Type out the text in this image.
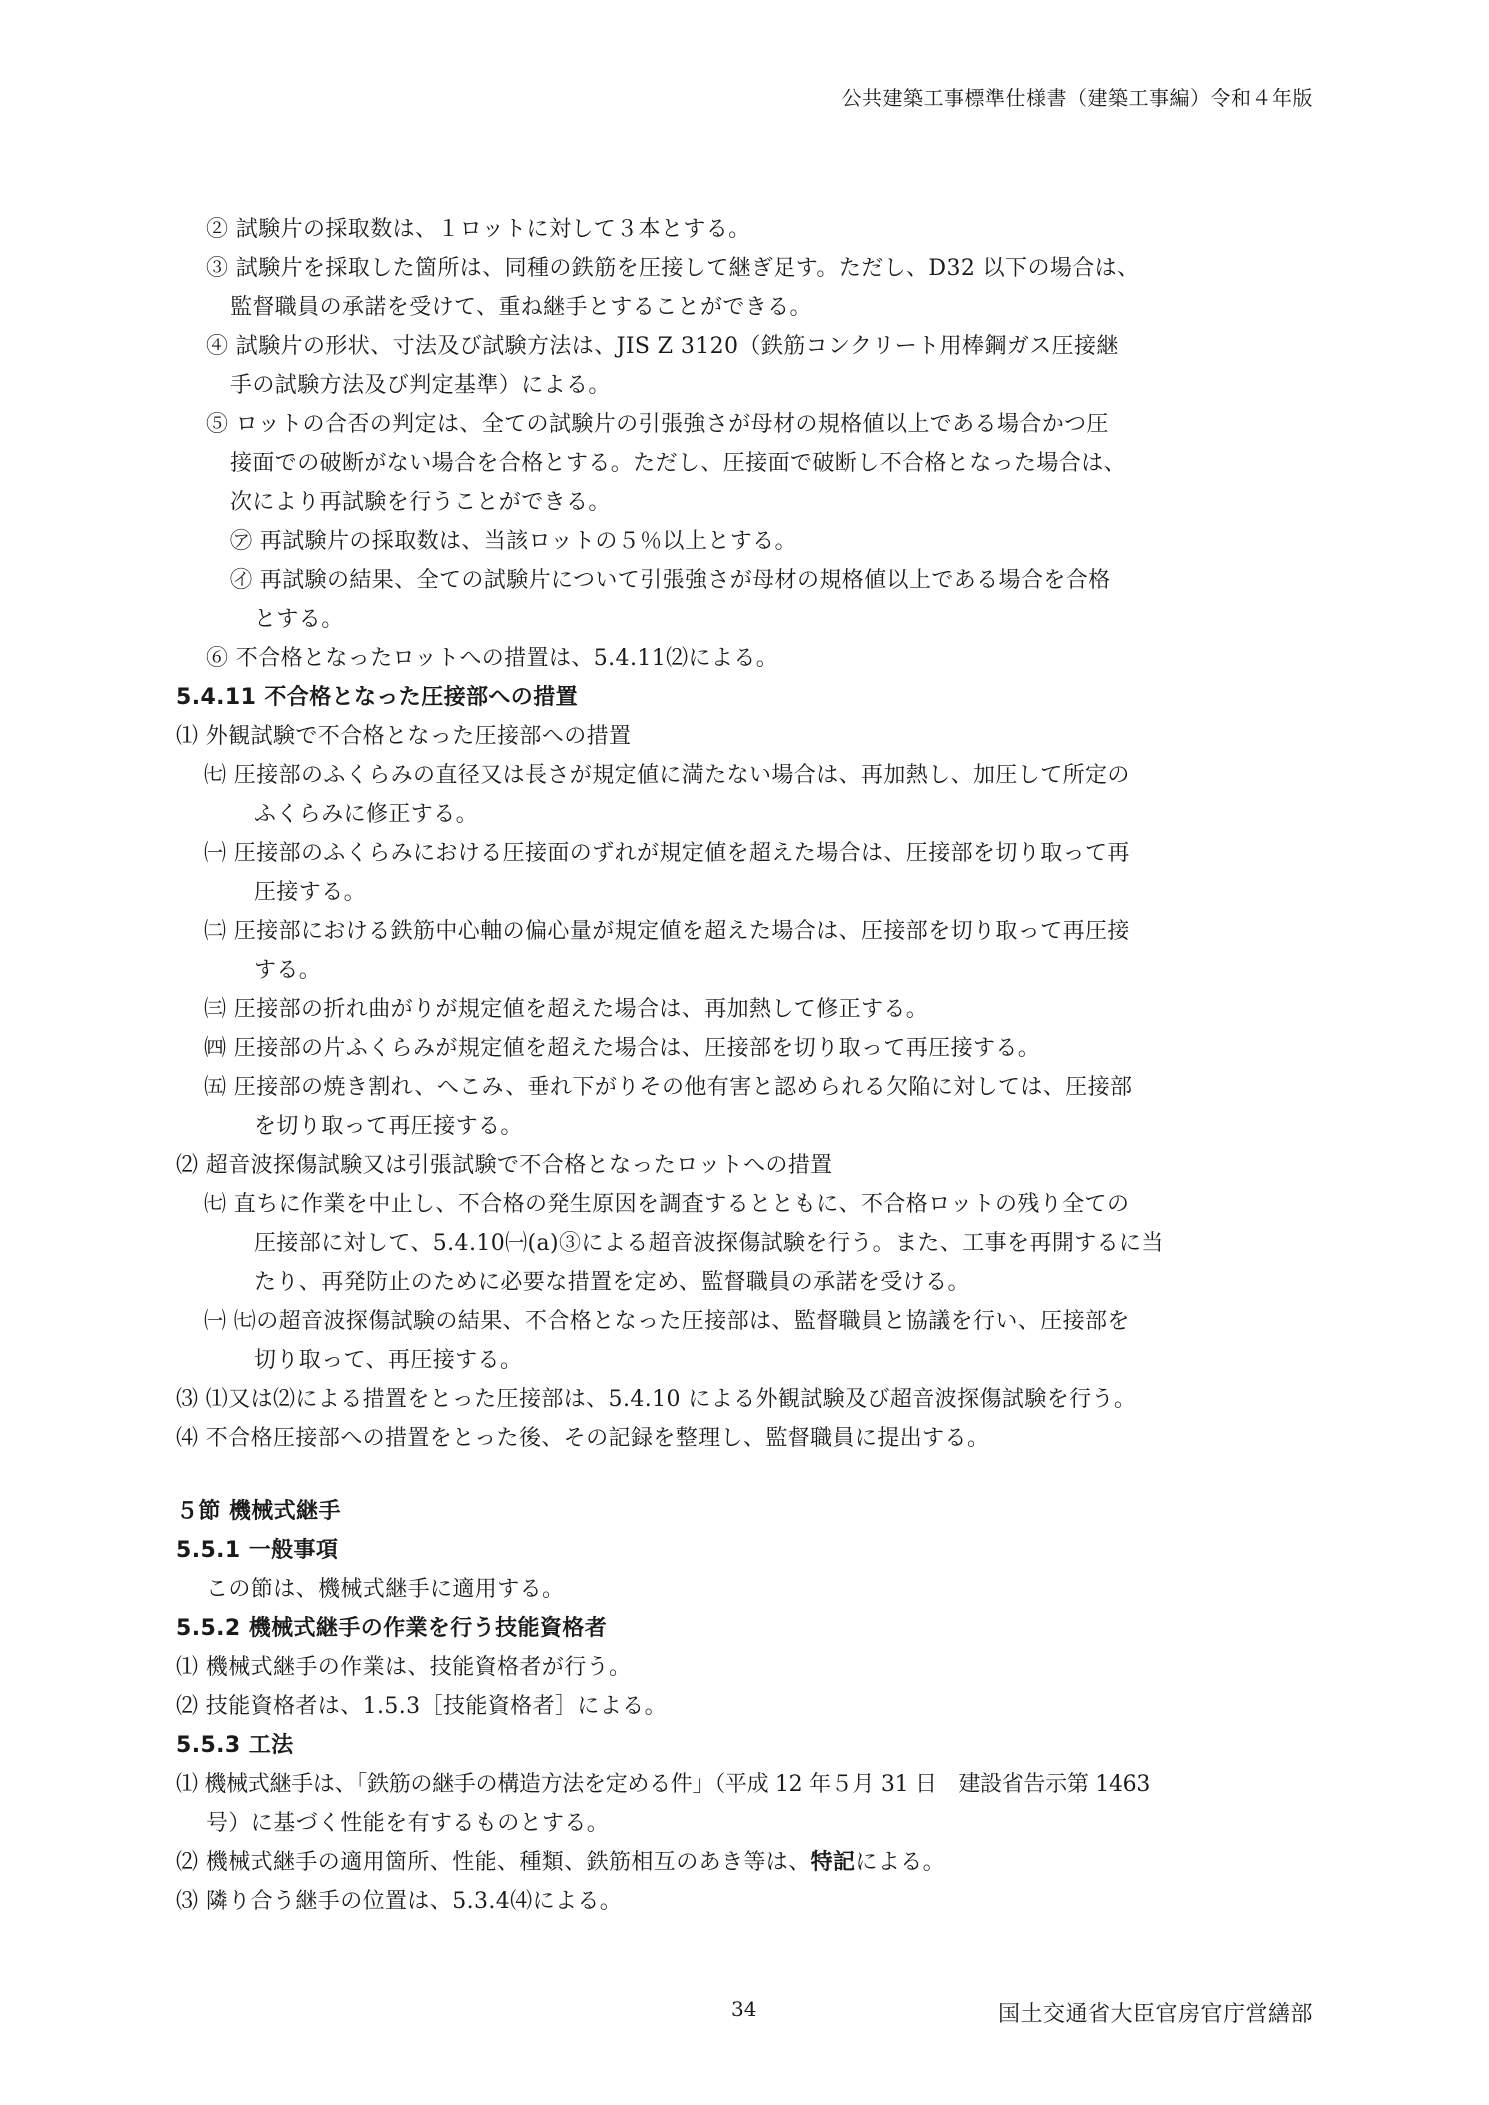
公共建築工事標準仕様書（建築工事編）令和４年版
② 試験片の採取数は、１ロットに対して３本とする。
③ 試験片を採取した箇所は、同種の鉄筋を圧接して継ぎ足す。ただし、D32 以下の場合は、
監督職員の承諾を受けて、重ね継手とすることができる。
④ 試験片の形状、寸法及び試験方法は、JIS Z 3120（鉄筋コンクリート用棒鋼ガス圧接継
手の試験方法及び判定基準）による。
⑤ ロットの合否の判定は、全ての試験片の引張強さが母材の規格値以上である場合かつ圧
接面での破断がない場合を合格とする。ただし、圧接面で破断し不合格となった場合は、
次により再試験を行うことができる。
㋐ 再試験片の採取数は、当該ロットの５％以上とする。
㋑ 再試験の結果、全ての試験片について引張強さが母材の規格値以上である場合を合格
とする。
⑥ 不合格となったロットへの措置は、5.4.11⑵による。
5.4.11 不合格となった圧接部への措置
⑴ 外観試験で不合格となった圧接部への措置
㈦ 圧接部のふくらみの直径又は長さが規定値に満たない場合は、再加熱し、加圧して所定の
ふくらみに修正する。
㈠ 圧接部のふくらみにおける圧接面のずれが規定値を超えた場合は、圧接部を切り取って再
圧接する。
㈡ 圧接部における鉄筋中心軸の偏心量が規定値を超えた場合は、圧接部を切り取って再圧接
する。
㈢ 圧接部の折れ曲がりが規定値を超えた場合は、再加熱して修正する。
㈣ 圧接部の片ふくらみが規定値を超えた場合は、圧接部を切り取って再圧接する。
㈤ 圧接部の焼き割れ、へこみ、垂れ下がりその他有害と認められる欠陥に対しては、圧接部
を切り取って再圧接する。
⑵ 超音波探傷試験又は引張試験で不合格となったロットへの措置
㈦ 直ちに作業を中止し、不合格の発生原因を調査するとともに、不合格ロットの残り全ての
圧接部に対して、5.4.10㈠(a)③による超音波探傷試験を行う。また、工事を再開するに当
たり、再発防止のために必要な措置を定め、監督職員の承諾を受ける。
㈠ ㈦の超音波探傷試験の結果、不合格となった圧接部は、監督職員と協議を行い、圧接部を
切り取って、再圧接する。
⑶ ⑴又は⑵による措置をとった圧接部は、5.4.10 による外観試験及び超音波探傷試験を行う。
⑷ 不合格圧接部への措置をとった後、その記録を整理し、監督職員に提出する。
５節 機械式継手
5.5.1 一般事項
この節は、機械式継手に適用する。
5.5.2 機械式継手の作業を行う技能資格者
⑴ 機械式継手の作業は、技能資格者が行う。
⑵ 技能資格者は、1.5.3［技能資格者］による。
5.5.3 工法
⑴ 機械式継手は、「鉄筋の継手の構造方法を定める件」（平成 12 年５月 31 日　建設省告示第 1463
号）に基づく性能を有するものとする。
⑵ 機械式継手の適用箇所、性能、種類、鉄筋相互のあき等は、特記による。
⑶ 隣り合う継手の位置は、5.3.4⑷による。
34	国土交通省大臣官房官庁営繕部
